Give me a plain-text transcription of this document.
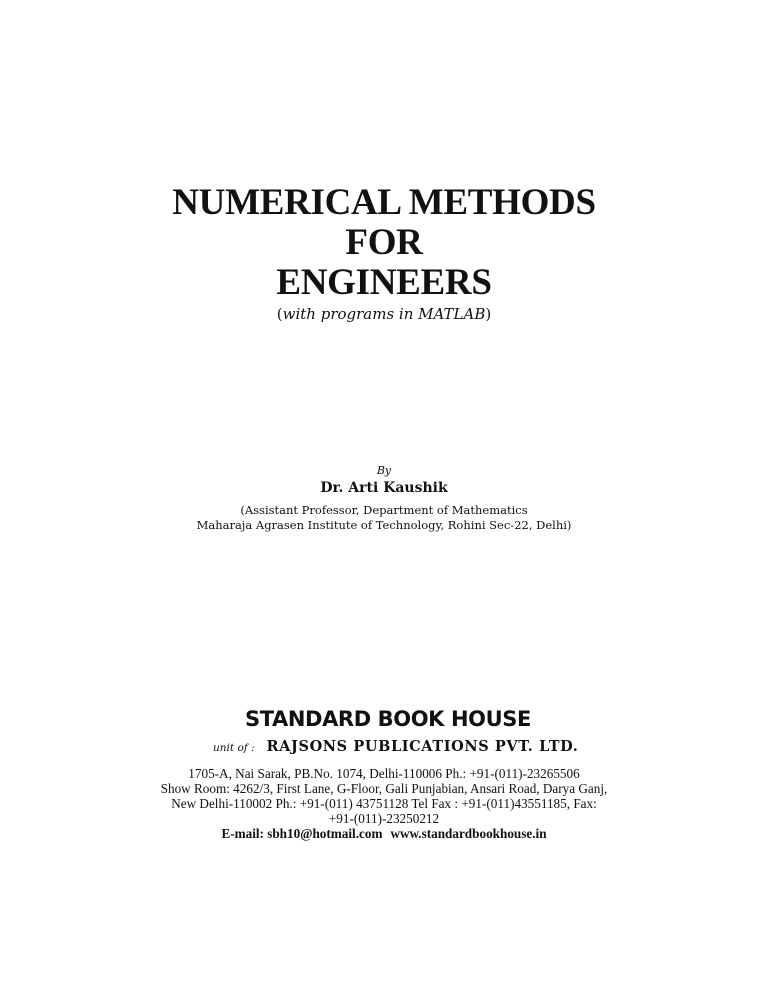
NUMERICAL METHODS
FOR
ENGINEERS
(with programs in MATLAB)
By
Dr. Arti Kaushik
(Assistant Professor, Department of Mathematics
Maharaja Agrasen Institute of Technology, Rohini Sec-22, Delhi)
STANDARD BOOK HOUSE
unit of : RAJSONS PUBLICATIONS PVT. LTD.
1705-A, Nai Sarak, PB.No. 1074, Delhi-110006 Ph.: +91-(011)-23265506
Show Room: 4262/3, First Lane, G-Floor, Gali Punjabian, Ansari Road, Darya Ganj,
New Delhi-110002 Ph.: +91-(011) 43751128 Tel Fax : +91-(011)43551185, Fax:
+91-(011)-23250212
E-mail: sbh10@hotmail.com www.standardbookhouse.in
